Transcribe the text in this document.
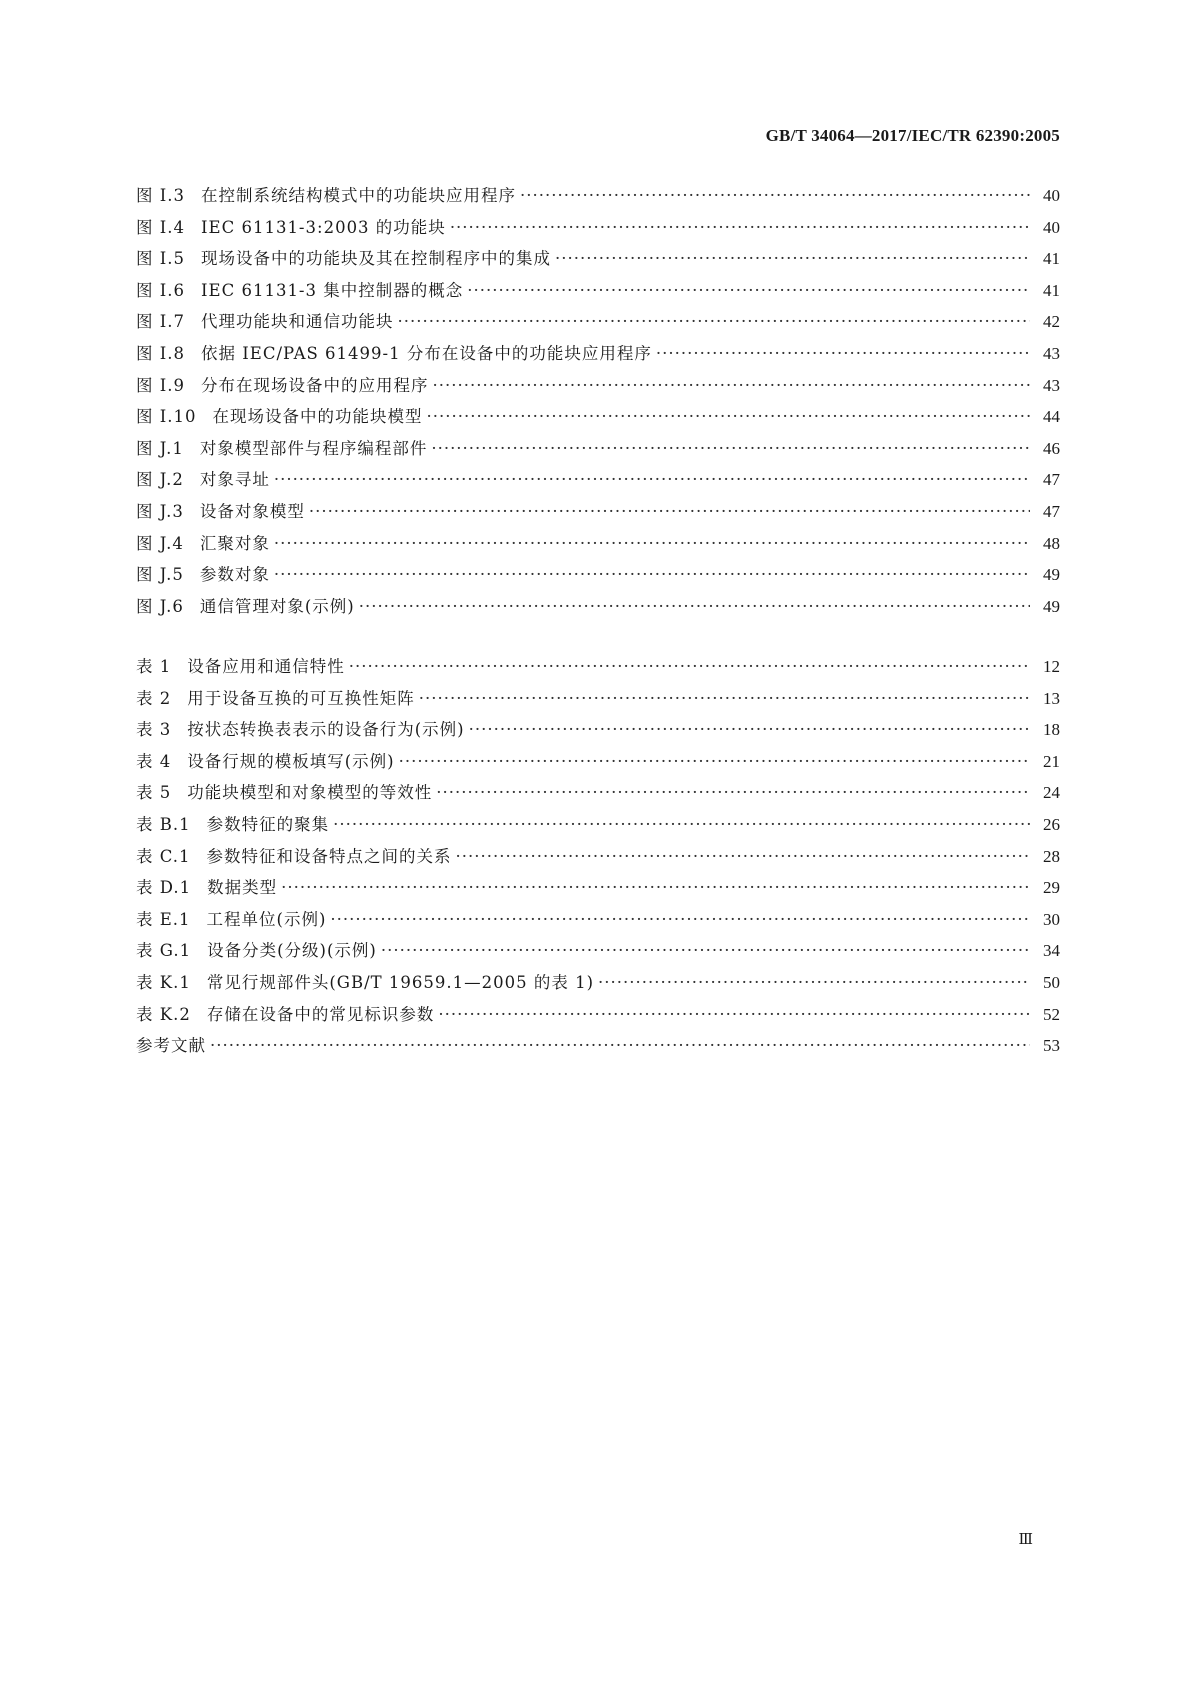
GB/T 34064—2017/IEC/TR 62390:2005
图 I.3 在控制系统结构模式中的功能块应用程序 ·····	40
图 I.4 IEC 61131-3:2003 的功能块 ·····	40
图 I.5 现场设备中的功能块及其在控制程序中的集成 ·····	41
图 I.6 IEC 61131-3 集中控制器的概念 ·····	41
图 I.7 代理功能块和通信功能块 ·····	42
图 I.8 依据 IEC/PAS 61499-1 分布在设备中的功能块应用程序 ·····	43
图 I.9 分布在现场设备中的应用程序 ·····	43
图 I.10 在现场设备中的功能块模型 ·····	44
图 J.1 对象模型部件与程序编程部件 ·····	46
图 J.2 对象寻址 ·····	47
图 J.3 设备对象模型 ·····	47
图 J.4 汇聚对象 ·····	48
图 J.5 参数对象 ·····	49
图 J.6 通信管理对象(示例) ·····	49
表 1 设备应用和通信特性 ·····	12
表 2 用于设备互换的可互换性矩阵 ·····	13
表 3 按状态转换表表示的设备行为(示例) ·····	18
表 4 设备行规的模板填写(示例) ·····	21
表 5 功能块模型和对象模型的等效性 ·····	24
表 B.1 参数特征的聚集 ·····	26
表 C.1 参数特征和设备特点之间的关系 ·····	28
表 D.1 数据类型 ·····	29
表 E.1 工程单位(示例) ·····	30
表 G.1 设备分类(分级)(示例) ·····	34
表 K.1 常见行规部件头(GB/T 19659.1—2005 的表 1) ·····	50
表 K.2 存储在设备中的常见标识参数 ·····	52
参考文献 ·····	53
Ⅲ
